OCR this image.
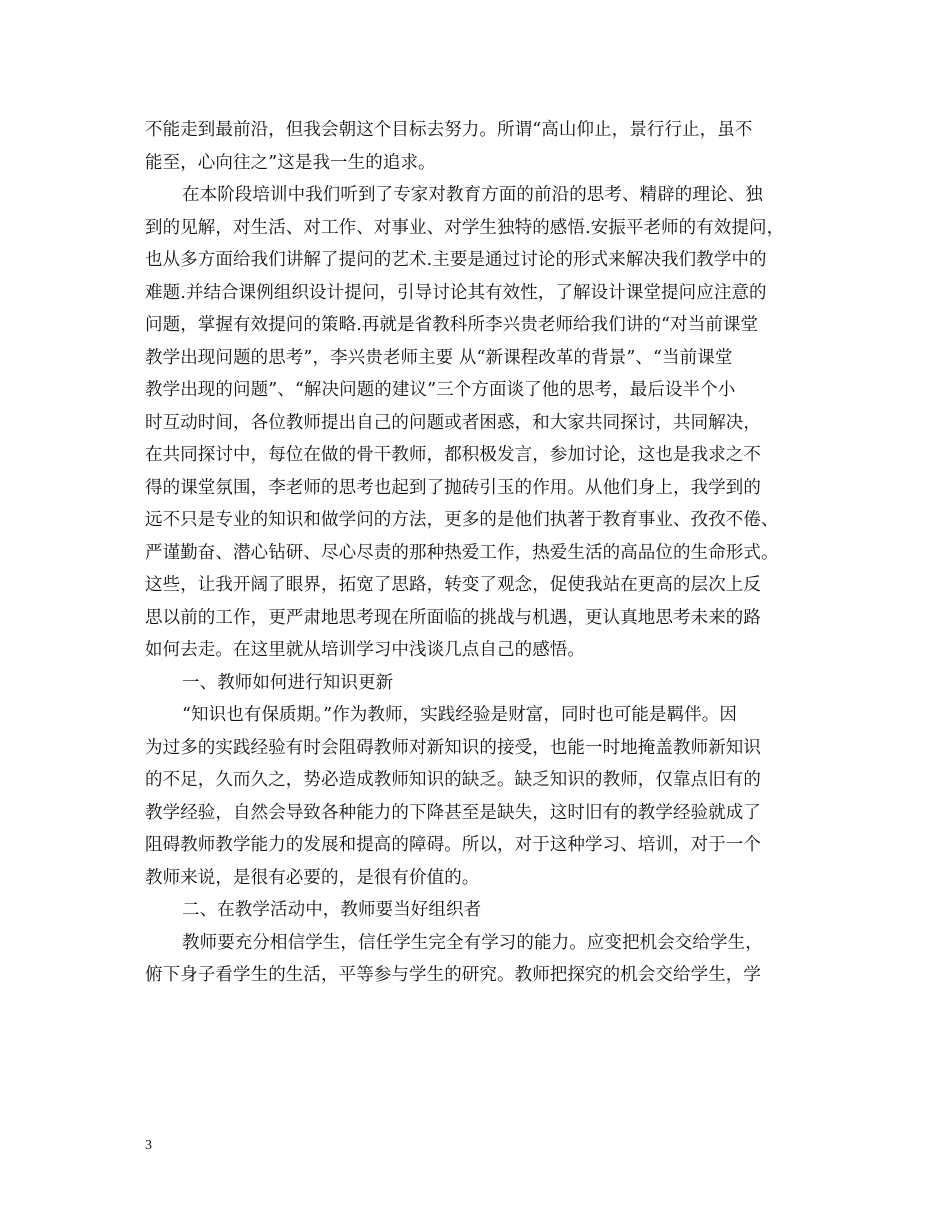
不能走到最前沿，但我会朝这个目标去努力。所谓“高山仰止，景行行止，虽不
能至，心向往之”这是我一生的追求。
在本阶段培训中我们听到了专家对教育方面的前沿的思考、精辟的理论、独
到的见解，对生活、对工作、对事业、对学生独特的感悟.安振平老师的有效提问，
也从多方面给我们讲解了提问的艺术.主要是通过讨论的形式来解决我们教学中的
难题.并结合课例组织设计提问，引导讨论其有效性，了解设计课堂提问应注意的
问题，掌握有效提问的策略.再就是省教科所李兴贵老师给我们讲的“对当前课堂
教学出现问题的思考”，李兴贵老师主要 从“新课程改革的背景”、“当前课堂
教学出现的问题”、“解决问题的建议”三个方面谈了他的思考，最后设半个小
时互动时间，各位教师提出自己的问题或者困惑，和大家共同探讨，共同解决，
在共同探讨中，每位在做的骨干教师，都积极发言，参加讨论，这也是我求之不
得的课堂氛围，李老师的思考也起到了抛砖引玉的作用。从他们身上，我学到的
远不只是专业的知识和做学问的方法，更多的是他们执著于教育事业、孜孜不倦、
严谨勤奋、潜心钻研、尽心尽责的那种热爱工作，热爱生活的高品位的生命形式。
这些，让我开阔了眼界，拓宽了思路，转变了观念，促使我站在更高的层次上反
思以前的工作，更严肃地思考现在所面临的挑战与机遇，更认真地思考未来的路
如何去走。在这里就从培训学习中浅谈几点自己的感悟。
一、教师如何进行知识更新
“知识也有保质期。”作为教师，实践经验是财富，同时也可能是羁伴。因
为过多的实践经验有时会阻碍教师对新知识的接受，也能一时地掩盖教师新知识
的不足，久而久之，势必造成教师知识的缺乏。缺乏知识的教师，仅靠点旧有的
教学经验，自然会导致各种能力的下降甚至是缺失，这时旧有的教学经验就成了
阻碍教师教学能力的发展和提高的障碍。所以，对于这种学习、培训，对于一个
教师来说，是很有必要的，是很有价值的。
二、在教学活动中，教师要当好组织者
教师要充分相信学生，信任学生完全有学习的能力。应变把机会交给学生，
俯下身子看学生的生活，平等参与学生的研究。教师把探究的机会交给学生，学
3
